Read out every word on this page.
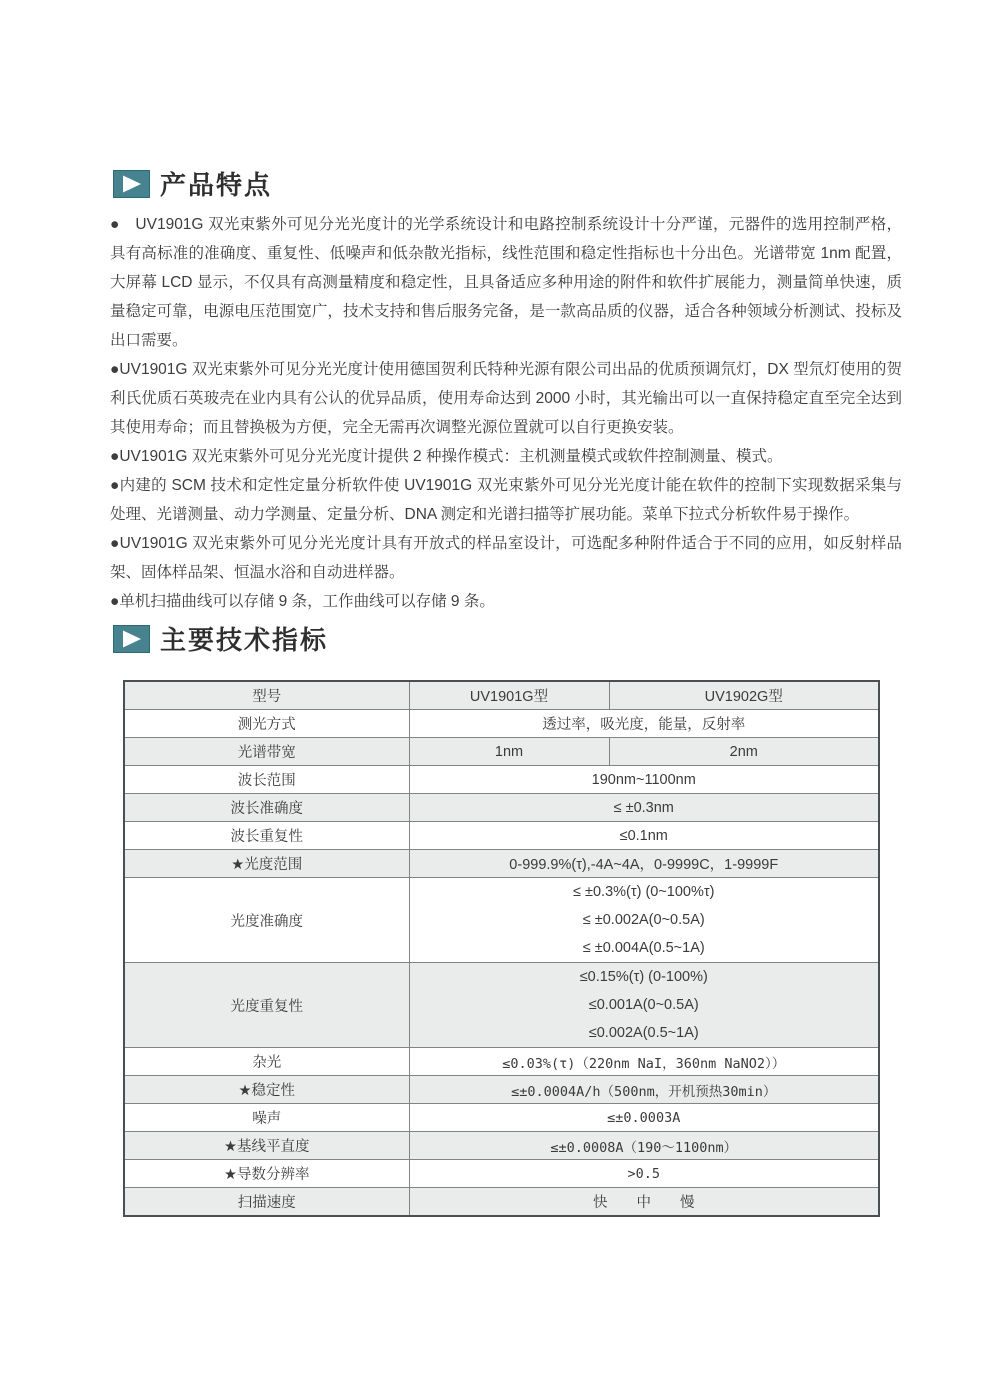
产品特点

●　UV1901G 双光束紫外可见分光光度计的光学系统设计和电路控制系统设计十分严谨，元器件的选用控制严格，具有高标准的准确度、重复性、低噪声和低杂散光指标，线性范围和稳定性指标也十分出色。光谱带宽 1nm 配置，大屏幕 LCD 显示，不仅具有高测量精度和稳定性，且具备适应多种用途的附件和软件扩展能力，测量简单快速，质量稳定可靠，电源电压范围宽广，技术支持和售后服务完备，是一款高品质的仪器，适合各种领域分析测试、投标及出口需要。

●UV1901G 双光束紫外可见分光光度计使用德国贺利氏特种光源有限公司出品的优质预调氘灯，DX 型氘灯使用的贺利氏优质石英玻壳在业内具有公认的优异品质，使用寿命达到 2000 小时，其光输出可以一直保持稳定直至完全达到其使用寿命；而且替换极为方便，完全无需再次调整光源位置就可以自行更换安装。

●UV1901G 双光束紫外可见分光光度计提供 2 种操作模式：主机测量模式或软件控制测量、模式。

●内建的 SCM 技术和定性定量分析软件使 UV1901G 双光束紫外可见分光光度计能在软件的控制下实现数据采集与处理、光谱测量、动力学测量、定量分析、DNA 测定和光谱扫描等扩展功能。菜单下拉式分析软件易于操作。

●UV1901G 双光束紫外可见分光光度计具有开放式的样品室设计，可选配多种附件适合于不同的应用，如反射样品架、固体样品架、恒温水浴和自动进样器。

●单机扫描曲线可以存储 9 条，工作曲线可以存储 9 条。

主要技术指标
型号	UV1901G型	UV1902G型
测光方式	透过率，吸光度，能量，反射率	
光谱带宽	1nm	2nm
波长范围	190nm~1100nm	
波长准确度	≤ ±0.3nm	
波长重复性	≤0.1nm	
★光度范围	0-999.9%(τ),-4A~4A，0-9999C，1-9999F	
光度准确度	≤ ±0.3%(τ) (0~100%τ)
≤ ±0.002A(0~0.5A)
≤ ±0.004A(0.5~1A)	

光度重复性	≤0.15%(τ) (0-100%)
≤0.001A(0~0.5A)
≤0.002A(0.5~1A)	

杂光	≤0.03%(τ)（220nm NaI，360nm NaNO2））	
★稳定性	≤±0.0004A/h（500nm，开机预热30min）	
噪声	≤±0.0003A	
★基线平直度	≤±0.0008A（190～1100nm）	
★导数分辨率	>0.5	
扫描速度	快　　中　　慢	
